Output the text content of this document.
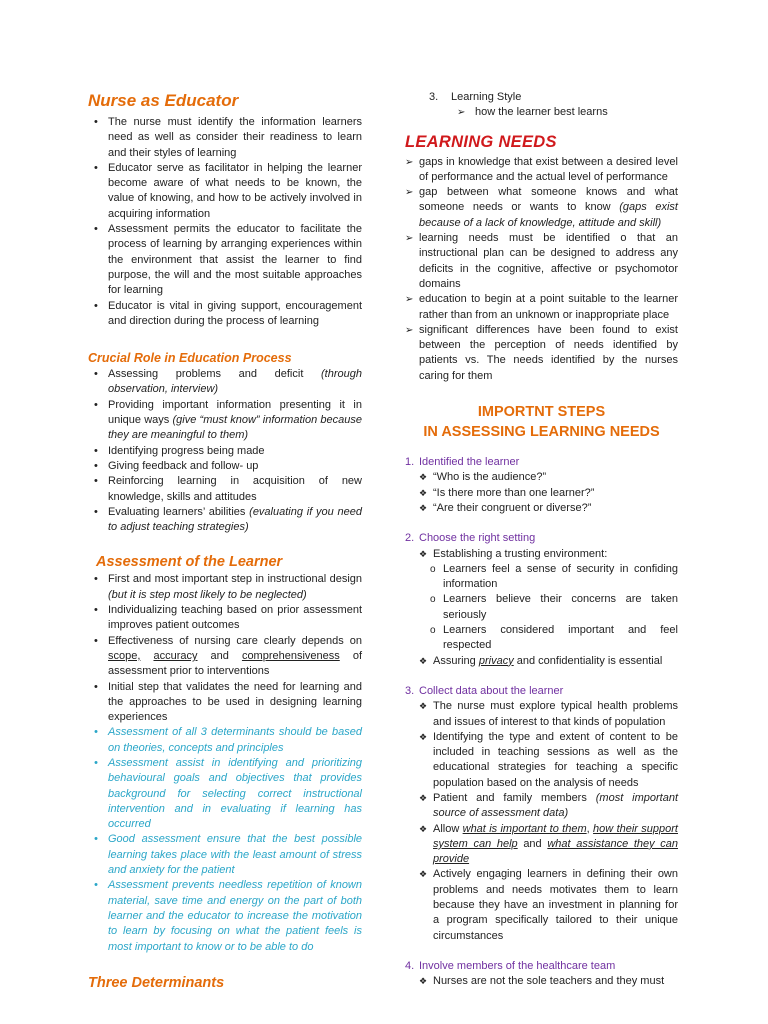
Nurse as Educator
• The nurse must identify the information learners need as well as consider their readiness to learn and their styles of learning
• Educator serve as facilitator in helping the learner become aware of what needs to be known, the value of knowing, and how to be actively involved in acquiring information
• Assessment permits the educator to facilitate the process of learning by arranging experiences within the environment that assist the learner to find purpose, the will and the most suitable approaches for learning
• Educator is vital in giving support, encouragement and direction during the process of learning
Crucial Role in Education Process
• Assessing problems and deficit (through observation, interview)
• Providing important information presenting it in unique ways (give “must know” information because they are meaningful to them)
• Identifying progress being made
• Giving feedback and follow- up
• Reinforcing learning in acquisition of new knowledge, skills and attitudes
• Evaluating learners’ abilities (evaluating if you need to adjust teaching strategies)
Assessment of the Learner
• First and most important step in instructional design (but it is step most likely to be neglected)
• Individualizing teaching based on prior assessment improves patient outcomes
• Effectiveness of nursing care clearly depends on scope, accuracy and comprehensiveness of assessment prior to interventions
• Initial step that validates the need for learning and the approaches to be used in designing learning experiences
• Assessment of all 3 determinants should be based on theories, concepts and principles
• Assessment assist in identifying and prioritizing behavioural goals and objectives that provides background for selecting correct instructional intervention and in evaluating if learning has occurred
• Good assessment ensure that the best possible learning takes place with the least amount of stress and anxiety for the patient
• Assessment prevents needless repetition of known material, save time and energy on the part of both learner and the educator to increase the motivation to learn by focusing on what the patient feels is most important to know or to be able to do
Three Determinants
3. Learning Style
➢ how the learner best learns
LEARNING NEEDS
➢ gaps in knowledge that exist between a desired level of performance and the actual level of performance
➢ gap between what someone knows and what someone needs or wants to know (gaps exist because of a lack of knowledge, attitude and skill)
➢ learning needs must be identified o that an instructional plan can be designed to address any deficits in the cognitive, affective or psychomotor domains
➢ education to begin at a point suitable to the learner rather than from an unknown or inappropriate place
➢ significant differences have been found to exist between the perception of needs identified by patients vs. The needs identified by the nurses caring for them
IMPORTNT STEPS
IN ASSESSING LEARNING NEEDS
1. Identified the learner
❖ “Who is the audience?”
❖ “Is there more than one learner?”
❖ “Are their congruent or diverse?”
2. Choose the right setting
❖ Establishing a trusting environment:
o Learners feel a sense of security in confiding information
o Learners believe their concerns are taken seriously
o Learners considered important and feel respected
❖ Assuring privacy and confidentiality is essential
3. Collect data about the learner
❖ The nurse must explore typical health problems and issues of interest to that kinds of population
❖ Identifying the type and extent of content to be included in teaching sessions as well as the educational strategies for teaching a specific population based on the analysis of needs
❖ Patient and family members (most important source of assessment data)
❖ Allow what is important to them, how their support system can help and what assistance they can provide
❖ Actively engaging learners in defining their own problems and needs motivates them to learn because they have an investment in planning for a program specifically tailored to their unique circumstances
4. Involve members of the healthcare team
❖ Nurses are not the sole teachers and they must
